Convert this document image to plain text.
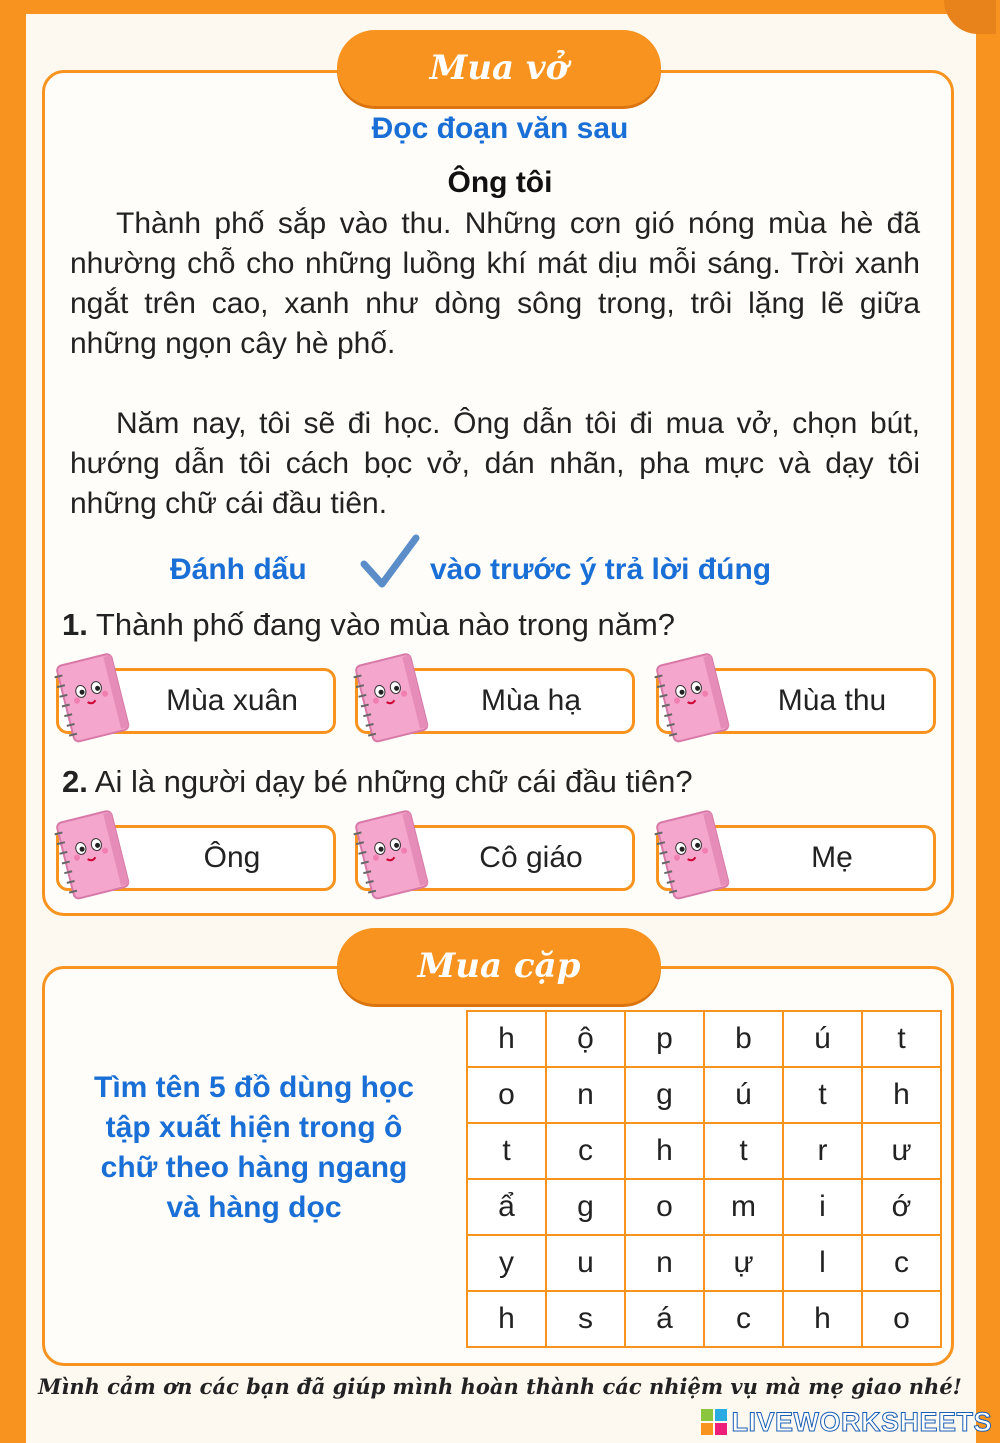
Mua vở
Đọc đoạn văn sau
Ông tôi

Thành phố sắp vào thu. Những cơn gió nóng mùa hè đã nhường chỗ cho những luồng khí mát dịu mỗi sáng. Trời xanh ngắt trên cao, xanh như dòng sông trong, trôi lặng lẽ giữa những ngọn cây hè phố.

Năm nay, tôi sẽ đi học. Ông dẫn tôi đi mua vở, chọn bút, hướng dẫn tôi cách bọc vở, dán nhãn, pha mực và dạy tôi những chữ cái đầu tiên.

Đánh dấu	vào trước ý trả lời đúng
1. Thành phố đang vào mùa nào trong năm?
Mùa xuân	Mùa hạ	Mùa thu
2. Ai là người dạy bé những chữ cái đầu tiên?
Ông	Cô giáo	Mẹ
Mua cặp
Tìm tên 5 đồ dùng học tập xuất hiện trong ô chữ theo hàng ngang và hàng dọc
h	ộ	p	b	ú	t
o	n	g	ú	t	h
t	c	h	t	r	ư
ẩ	g	o	m	i	ớ
y	u	n	ự	l	c
h	s	á	c	h	o
Mình cảm ơn các bạn đã giúp mình hoàn thành các nhiệm vụ mà mẹ giao nhé!
LIVEWORKSHEETS
